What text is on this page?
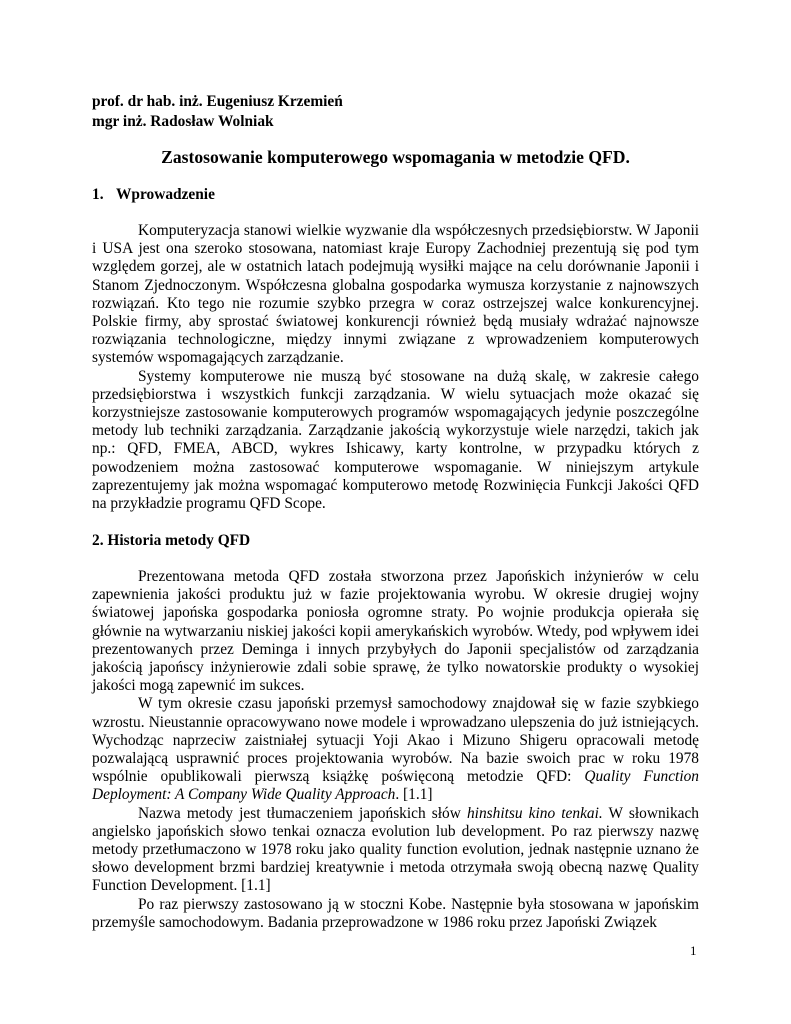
prof. dr hab. inż. Eugeniusz Krzemień
mgr inż. Radosław Wolniak
Zastosowanie komputerowego wspomagania w metodzie QFD.
1. Wprowadzenie

Komputeryzacja stanowi wielkie wyzwanie dla współczesnych przedsiębiorstw. W Japonii i USA jest ona szeroko stosowana, natomiast kraje Europy Zachodniej prezentują się pod tym względem gorzej, ale w ostatnich latach podejmują wysiłki mające na celu dorównanie Japonii i Stanom Zjednoczonym. Współczesna globalna gospodarka wymusza korzystanie z najnowszych rozwiązań. Kto tego nie rozumie szybko przegra w coraz ostrzejszej walce konkurencyjnej. Polskie firmy, aby sprostać światowej konkurencji również będą musiały wdrażać najnowsze rozwiązania technologiczne, między innymi związane z wprowadzeniem komputerowych systemów wspomagających zarządzanie.

Systemy komputerowe nie muszą być stosowane na dużą skalę, w zakresie całego przedsiębiorstwa i wszystkich funkcji zarządzania. W wielu sytuacjach może okazać się korzystniejsze zastosowanie komputerowych programów wspomagających jedynie poszczególne metody lub techniki zarządzania. Zarządzanie jakością wykorzystuje wiele narzędzi, takich jak np.: QFD, FMEA, ABCD, wykres Ishicawy, karty kontrolne, w przypadku których z powodzeniem można zastosować komputerowe wspomaganie. W niniejszym artykule zaprezentujemy jak można wspomagać komputerowo metodę Rozwinięcia Funkcji Jakości QFD na przykładzie programu QFD Scope.

2. Historia metody QFD

Prezentowana metoda QFD została stworzona przez Japońskich inżynierów w celu zapewnienia jakości produktu już w fazie projektowania wyrobu. W okresie drugiej wojny światowej japońska gospodarka poniosła ogromne straty. Po wojnie produkcja opierała się głównie na wytwarzaniu niskiej jakości kopii amerykańskich wyrobów. Wtedy, pod wpływem idei prezentowanych przez Deminga i innych przybyłych do Japonii specjalistów od zarządzania jakością japońscy inżynierowie zdali sobie sprawę, że tylko nowatorskie produkty o wysokiej jakości mogą zapewnić im sukces.

W tym okresie czasu japoński przemysł samochodowy znajdował się w fazie szybkiego wzrostu. Nieustannie opracowywano nowe modele i wprowadzano ulepszenia do już istniejących. Wychodząc naprzeciw zaistniałej sytuacji Yoji Akao i Mizuno Shigeru opracowali metodę pozwalającą usprawnić proces projektowania wyrobów. Na bazie swoich prac w roku 1978 wspólnie opublikowali pierwszą książkę poświęconą metodzie QFD: Quality Function Deployment: A Company Wide Quality Approach. [1.1]

Nazwa metody jest tłumaczeniem japońskich słów hinshitsu kino tenkai. W słownikach angielsko japońskich słowo tenkai oznacza evolution lub development. Po raz pierwszy nazwę metody przetłumaczono w 1978 roku jako quality function evolution, jednak następnie uznano że słowo development brzmi bardziej kreatywnie i metoda otrzymała swoją obecną nazwę Quality Function Development. [1.1]

Po raz pierwszy zastosowano ją w stoczni Kobe. Następnie była stosowana w japońskim przemyśle samochodowym. Badania przeprowadzone w 1986 roku przez Japoński Związek

1
